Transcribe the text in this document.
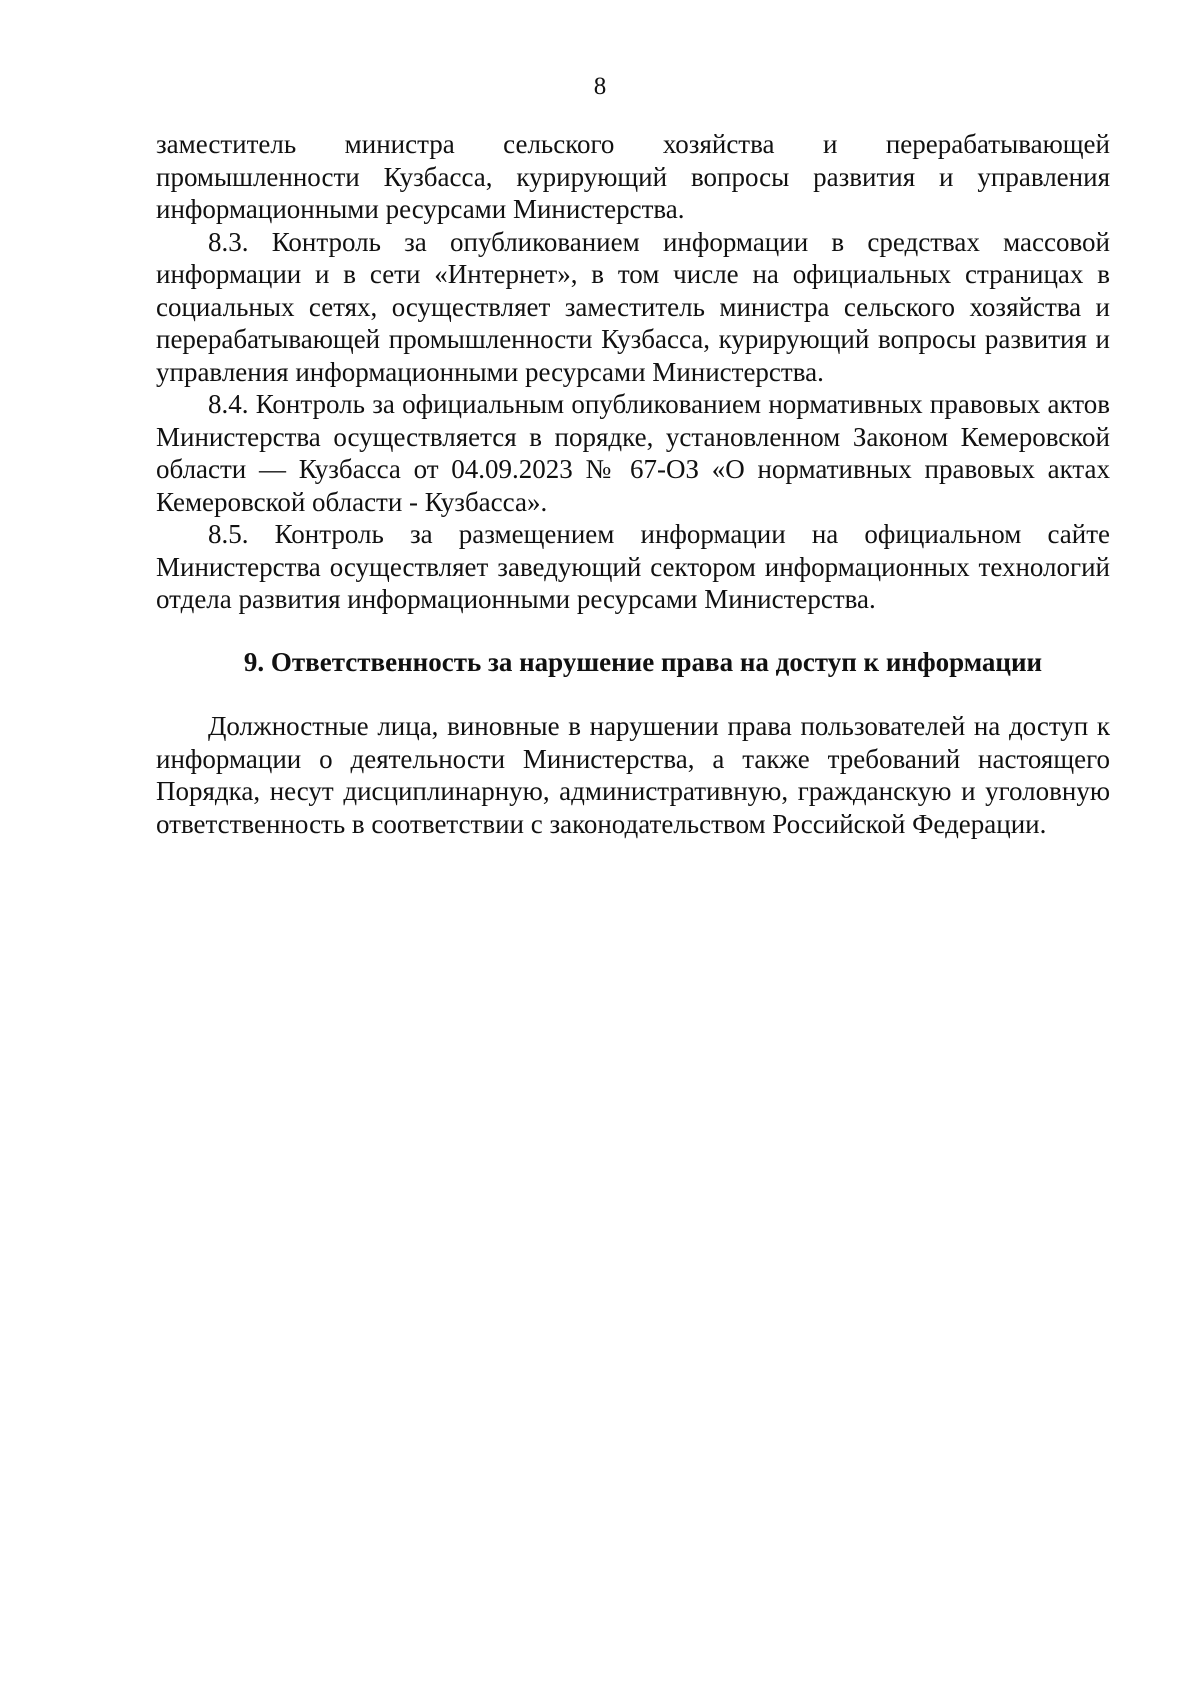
8

заместитель министра сельского хозяйства и перерабатывающей промышленности Кузбасса, курирующий вопросы развития и управления информационными ресурсами Министерства.

8.3. Контроль за опубликованием информации в средствах массовой информации и в сети «Интернет», в том числе на официальных страницах в социальных сетях, осуществляет заместитель министра сельского хозяйства и перерабатывающей промышленности Кузбасса, курирующий вопросы развития и управления информационными ресурсами Министерства.

8.4. Контроль за официальным опубликованием нормативных правовых актов Министерства осуществляется в порядке, установленном Законом Кемеровской области — Кузбасса от 04.09.2023 № 67-ОЗ «О нормативных правовых актах Кемеровской области - Кузбасса».

8.5. Контроль за размещением информации на официальном сайте Министерства осуществляет заведующий сектором информационных технологий отдела развития информационными ресурсами Министерства.

9. Ответственность за нарушение права на доступ к информации

Должностные лица, виновные в нарушении права пользователей на доступ к информации о деятельности Министерства, а также требований настоящего Порядка, несут дисциплинарную, административную, гражданскую и уголовную ответственность в соответствии с законодательством Российской Федерации.
